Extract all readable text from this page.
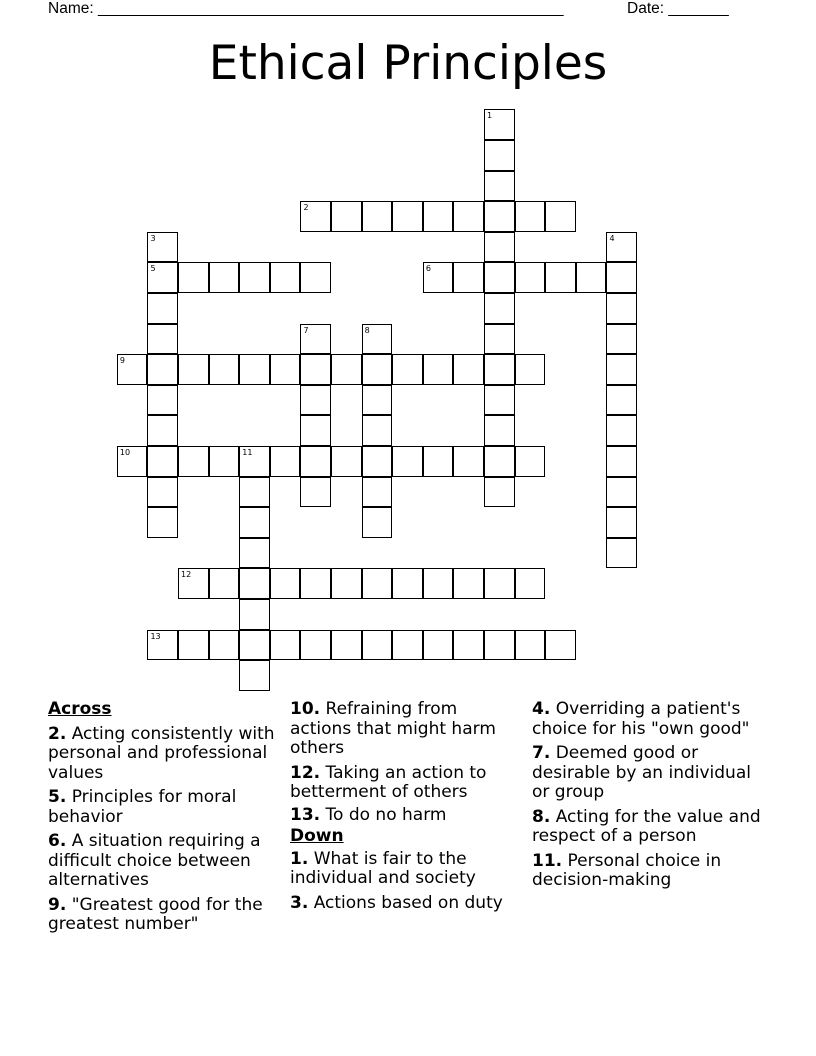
Name: ______________________________________________________	Date: _______
Ethical Principles
1
2
3
5
4
6
7	8
9
10	11
12
13
Across
2. Acting consistently with personal and professional values
5. Principles for moral behavior
6. A situation requiring a difficult choice between alternatives
9. "Greatest good for the greatest number"
10. Refraining from actions that might harm others
12. Taking an action to betterment of others
13. To do no harm
Down
1. What is fair to the individual and society
3. Actions based on duty
4. Overriding a patient's choice for his "own good"
7. Deemed good or desirable by an individual or group
8. Acting for the value and respect of a person
11. Personal choice in decision-making
